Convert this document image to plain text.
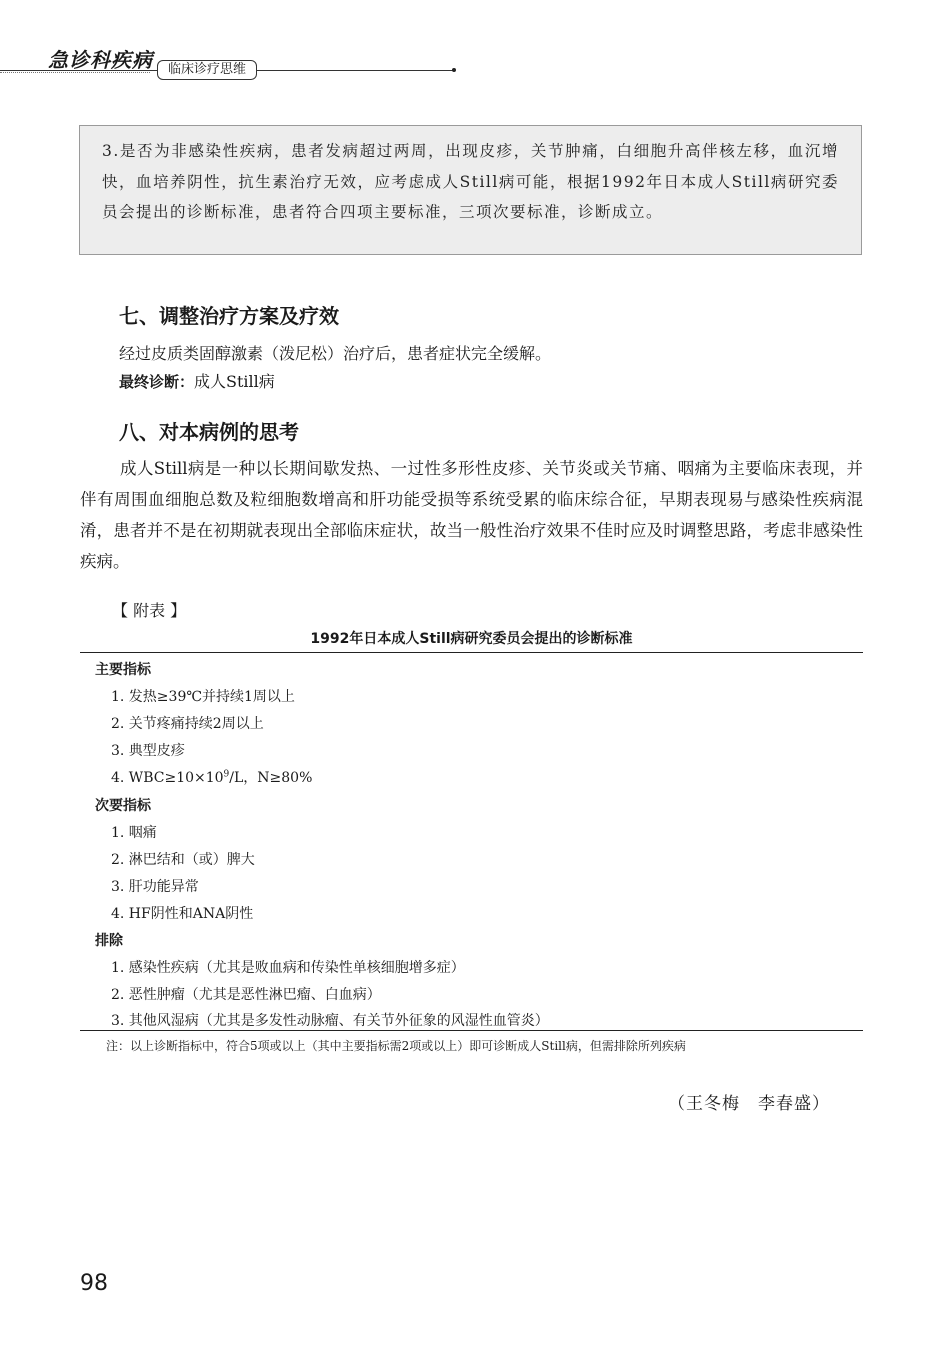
急诊科疾病	临床诊疗思维

3.是否为非感染性疾病，患者发病超过两周，出现皮疹，关节肿痛，白细胞升高伴核左移，血沉增快，血培养阴性，抗生素治疗无效，应考虑成人Still病可能，根据1992年日本成人Still病研究委员会提出的诊断标准，患者符合四项主要标准，三项次要标准，诊断成立。

七、调整治疗方案及疗效

经过皮质类固醇激素（泼尼松）治疗后，患者症状完全缓解。

最终诊断：成人Still病

八、对本病例的思考

成人Still病是一种以长期间歇发热、一过性多形性皮疹、关节炎或关节痛、咽痛为主要临床表现，并伴有周围血细胞总数及粒细胞数增高和肝功能受损等系统受累的临床综合征，早期表现易与感染性疾病混淆，患者并不是在初期就表现出全部临床症状，故当一般性治疗效果不佳时应及时调整思路，考虑非感染性疾病。

【 附表 】
1992年日本成人Still病研究委员会提出的诊断标准
主要指标
1. 发热≥39℃并持续1周以上
2. 关节疼痛持续2周以上
3. 典型皮疹
4. $WBC\ge 10\times 10^9/L$，N≥80%
次要指标
1. 咽痛
2. 淋巴结和（或）脾大
3. 肝功能异常
4. HF阴性和ANA阴性
排除
1. 感染性疾病（尤其是败血病和传染性单核细胞增多症）
2. 恶性肿瘤（尤其是恶性淋巴瘤、白血病）
3. 其他风湿病（尤其是多发性动脉瘤、有关节外征象的风湿性血管炎）
注：以上诊断指标中，符合5项或以上（其中主要指标需2项或以上）即可诊断成人Still病，但需排除所列疾病
（王冬梅　李春盛）
98
